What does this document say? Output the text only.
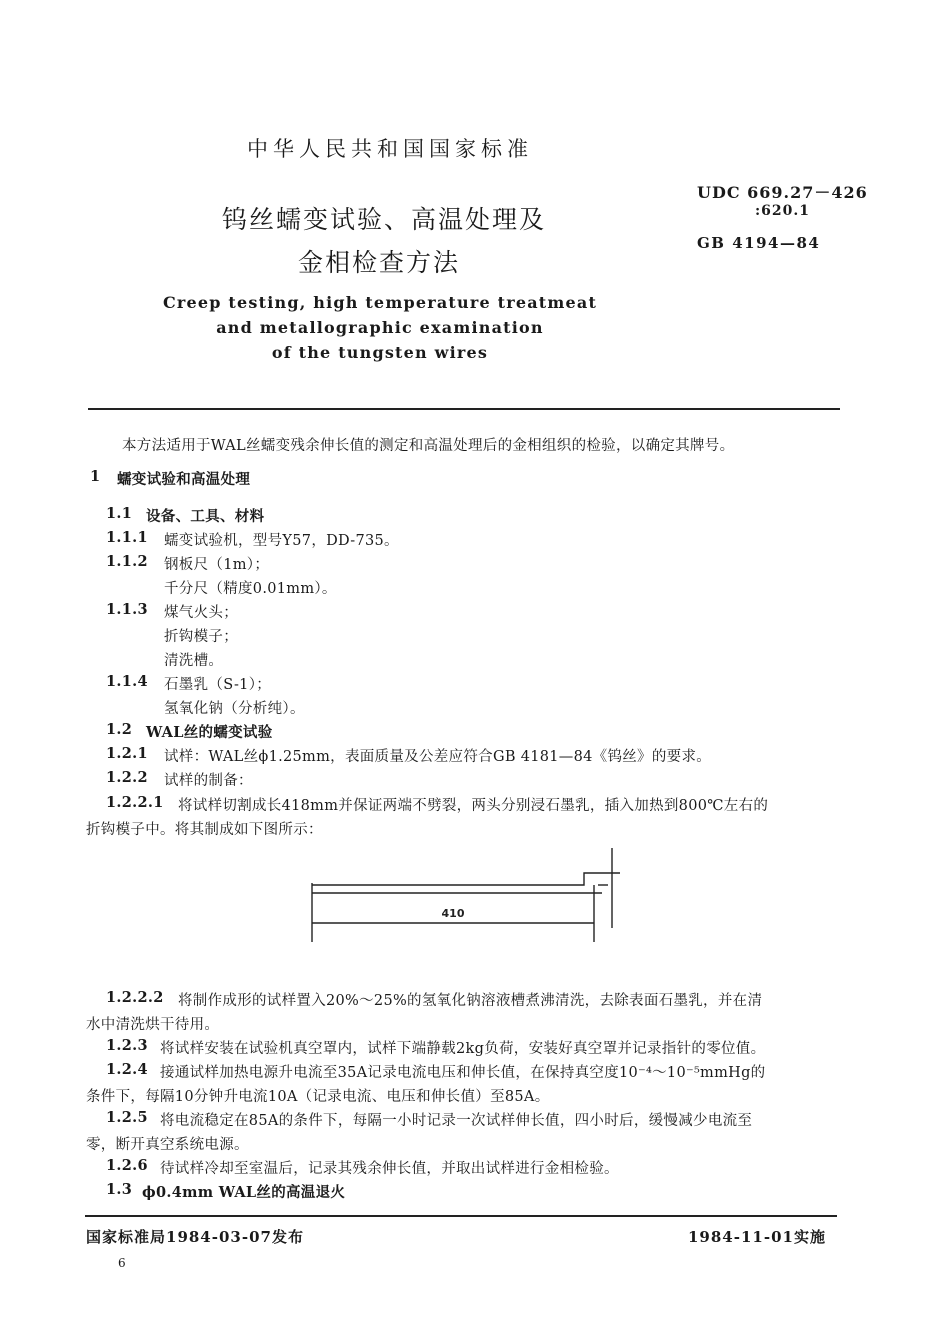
中华人民共和国国家标准
钨丝蠕变试验、高温处理及
金相检查方法
Creep testing, high temperature treatmeat
and metallographic examination
of the tungsten wires
UDC 669.27－426
:620.1
GB 4194—84
本方法适用于WAL丝蠕变残余伸长值的测定和高温处理后的金相组织的检验，以确定其牌号。
1 蠕变试验和高温处理
1.1 设备、工具、材料
1.1.1 蠕变试验机，型号Y57，DD-735。
1.1.2 钢板尺（1m）；
千分尺（精度0.01mm）。
1.1.3 煤气火头；
折钩模子；
清洗槽。
1.1.4 石墨乳（S-1）；
氢氧化钠（分析纯）。
1.2 WAL丝的蠕变试验
1.2.1 试样：WAL丝ϕ1.25mm，表面质量及公差应符合GB 4181—84《钨丝》的要求。
1.2.2 试样的制备：
1.2.2.1 将试样切割成长418mm并保证两端不劈裂，两头分别浸石墨乳，插入加热到800℃左右的
折钩模子中。将其制成如下图所示：
410
1.2.2.2 将制作成形的试样置入20%～25%的氢氧化钠溶液槽煮沸清洗，去除表面石墨乳，并在清
水中清洗烘干待用。
1.2.3 将试样安装在试验机真空罩内，试样下端静载2kg负荷，安装好真空罩并记录指针的零位值。
1.2.4 接通试样加热电源升电流至35A记录电流电压和伸长值，在保持真空度10⁻⁴～10⁻⁵mmHg的
条件下，每隔10分钟升电流10A（记录电流、电压和伸长值）至85A。
1.2.5 将电流稳定在85A的条件下，每隔一小时记录一次试样伸长值，四小时后，缓慢减少电流至
零，断开真空系统电源。
1.2.6 待试样冷却至室温后，记录其残余伸长值，并取出试样进行金相检验。
1.3 ϕ0.4mm WAL丝的高温退火
国家标准局1984-03-07发布	1984-11-01实施
6
